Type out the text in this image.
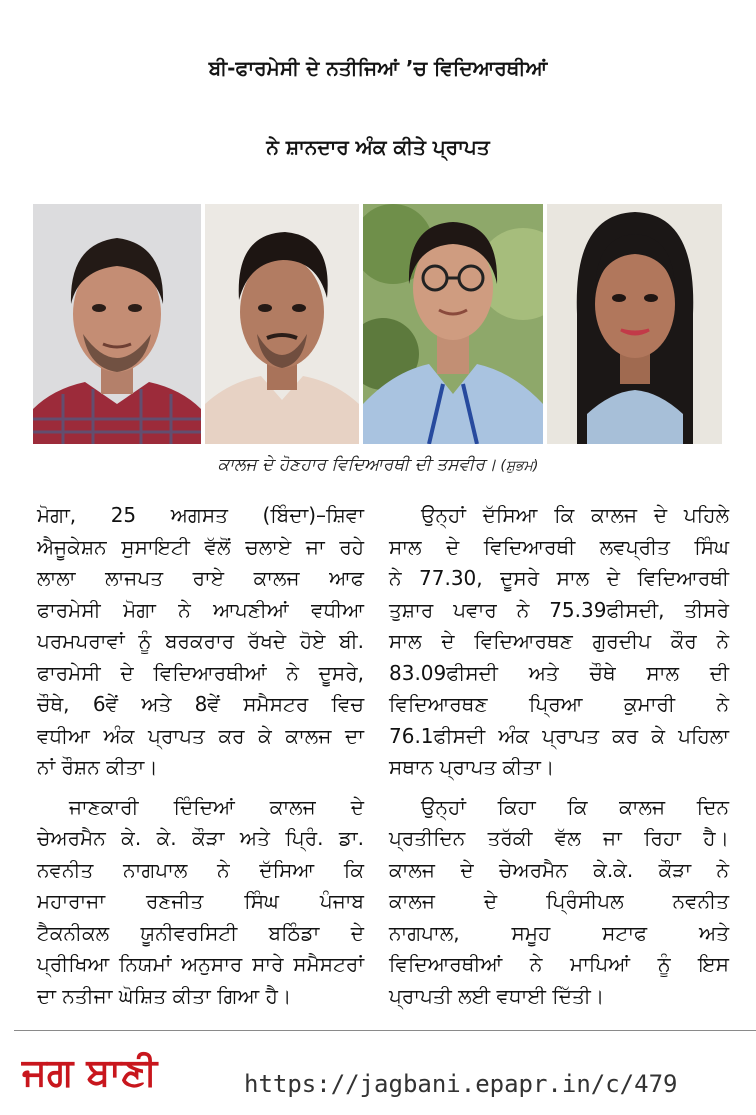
ਬੀ-ਫਾਰਮੇਸੀ ਦੇ ਨਤੀਜਿਆਂ ’ਚ ਵਿਦਿਆਰਥੀਆਂ
ਨੇ ਸ਼ਾਨਦਾਰ ਅੰਕ ਕੀਤੇ ਪ੍ਰਾਪਤ
ਕਾਲਜ ਦੇ ਹੋਣਹਾਰ ਵਿਦਿਆਰਥੀ ਦੀ ਤਸਵੀਰ। (ਸ਼ੁਭਮ)
ਮੋਗਾ, 25 ਅਗਸਤ (ਬਿੰਦਾ)–ਸ਼ਿਵਾ
ਐਜੂਕੇਸ਼ਨ ਸੁਸਾਇਟੀ ਵੱਲੋਂ ਚਲਾਏ ਜਾ ਰਹੇ
ਲਾਲਾ ਲਾਜਪਤ ਰਾਏ ਕਾਲਜ ਆਫ
ਫਾਰਮੇਸੀ ਮੋਗਾ ਨੇ ਆਪਣੀਆਂ ਵਧੀਆ
ਪਰਮਪਰਾਵਾਂ ਨੂੰ ਬਰਕਰਾਰ ਰੱਖਦੇ ਹੋਏ ਬੀ.
ਫਾਰਮੇਸੀ ਦੇ ਵਿਦਿਆਰਥੀਆਂ ਨੇ ਦੂਸਰੇ,
ਚੌਥੇ, 6ਵੇਂ ਅਤੇ 8ਵੇਂ ਸਮੈਸਟਰ ਵਿਚ
ਵਧੀਆ ਅੰਕ ਪ੍ਰਾਪਤ ਕਰ ਕੇ ਕਾਲਜ ਦਾ
ਨਾਂ ਰੌਸ਼ਨ ਕੀਤਾ।
ਜਾਣਕਾਰੀ ਦਿੰਦਿਆਂ ਕਾਲਜ ਦੇ
ਚੇਅਰਮੈਨ ਕੇ. ਕੇ. ਕੌੜਾ ਅਤੇ ਪ੍ਰਿੰ. ਡਾ.
ਨਵਨੀਤ ਨਾਗਪਾਲ ਨੇ ਦੱਸਿਆ ਕਿ
ਮਹਾਰਾਜਾ ਰਣਜੀਤ ਸਿੰਘ ਪੰਜਾਬ
ਟੈਕਨੀਕਲ ਯੂਨੀਵਰਸਿਟੀ ਬਠਿੰਡਾ ਦੇ
ਪ੍ਰੀਖਿਆ ਨਿਯਮਾਂ ਅਨੁਸਾਰ ਸਾਰੇ ਸਮੈਸਟਰਾਂ
ਦਾ ਨਤੀਜਾ ਘੋਸ਼ਿਤ ਕੀਤਾ ਗਿਆ ਹੈ।
ਉਨ੍ਹਾਂ ਦੱਸਿਆ ਕਿ ਕਾਲਜ ਦੇ ਪਹਿਲੇ
ਸਾਲ ਦੇ ਵਿਦਿਆਰਥੀ ਲਵਪ੍ਰੀਤ ਸਿੰਘ
ਨੇ 77.30, ਦੂਸਰੇ ਸਾਲ ਦੇ ਵਿਦਿਆਰਥੀ
ਤੁਸ਼ਾਰ ਪਵਾਰ ਨੇ 75.39ਫੀਸਦੀ, ਤੀਸਰੇ
ਸਾਲ ਦੇ ਵਿਦਿਆਰਥਣ ਗੁਰਦੀਪ ਕੌਰ ਨੇ
83.09ਫੀਸਦੀ ਅਤੇ ਚੌਥੇ ਸਾਲ ਦੀ
ਵਿਦਿਆਰਥਣ ਪ੍ਰਿਆ ਕੁਮਾਰੀ ਨੇ
76.1ਫੀਸਦੀ ਅੰਕ ਪ੍ਰਾਪਤ ਕਰ ਕੇ ਪਹਿਲਾ
ਸਥਾਨ ਪ੍ਰਾਪਤ ਕੀਤਾ।
ਉਨ੍ਹਾਂ ਕਿਹਾ ਕਿ ਕਾਲਜ ਦਿਨ
ਪ੍ਰਤੀਦਿਨ ਤਰੱਕੀ ਵੱਲ ਜਾ ਰਿਹਾ ਹੈ।
ਕਾਲਜ ਦੇ ਚੇਅਰਮੈਨ ਕੇ.ਕੇ. ਕੌੜਾ ਨੇ
ਕਾਲਜ ਦੇ ਪ੍ਰਿੰਸੀਪਲ ਨਵਨੀਤ
ਨਾਗਪਾਲ, ਸਮੂਹ ਸਟਾਫ ਅਤੇ
ਵਿਦਿਆਰਥੀਆਂ ਨੇ ਮਾਪਿਆਂ ਨੂੰ ਇਸ
ਪ੍ਰਾਪਤੀ ਲਈ ਵਧਾਈ ਦਿੱਤੀ।
ਜਗ ਬਾਣੀ	https://jagbani.epapr.in/c/479
